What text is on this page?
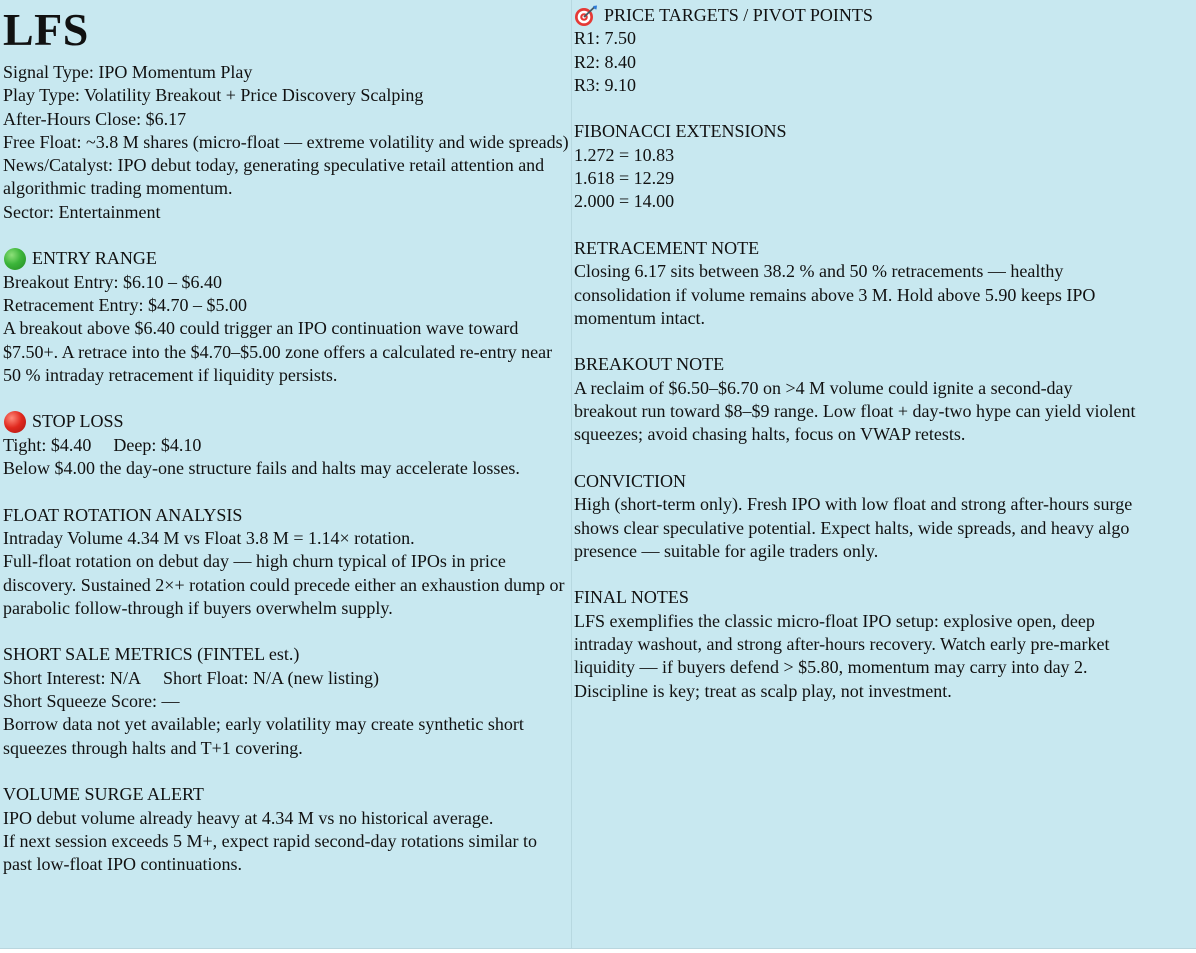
LFS

Signal Type: IPO Momentum Play

Play Type: Volatility Breakout + Price Discovery Scalping

After-Hours Close: $6.17

Free Float: ~3.8 M shares (micro-float — extreme volatility and wide spreads)

News/Catalyst: IPO debut today, generating speculative retail attention and algorithmic trading momentum.

Sector: Entertainment

ENTRY RANGE

Breakout Entry: $6.10 – $6.40

Retracement Entry: $4.70 – $5.00

A breakout above $6.40 could trigger an IPO continuation wave toward $7.50+. A retrace into the $4.70–$5.00 zone offers a calculated re-entry near 50 % intraday retracement if liquidity persists.

STOP LOSS

Tight: $4.40 Deep: $4.10

Below $4.00 the day-one structure fails and halts may accelerate losses.

FLOAT ROTATION ANALYSIS

Intraday Volume 4.34 M vs Float 3.8 M = 1.14× rotation.

Full-float rotation on debut day — high churn typical of IPOs in price discovery. Sustained 2×+ rotation could precede either an exhaustion dump or parabolic follow-through if buyers overwhelm supply.

SHORT SALE METRICS (FINTEL est.)

Short Interest: N/A Short Float: N/A (new listing)

Short Squeeze Score: —

Borrow data not yet available; early volatility may create synthetic short squeezes through halts and T+1 covering.

VOLUME SURGE ALERT

IPO debut volume already heavy at 4.34 M vs no historical average.

If next session exceeds 5 M+, expect rapid second-day rotations similar to past low-float IPO continuations.

PRICE TARGETS / PIVOT POINTS

R1: 7.50

R2: 8.40

R3: 9.10

FIBONACCI EXTENSIONS

1.272 = 10.83

1.618 = 12.29

2.000 = 14.00

RETRACEMENT NOTE

Closing 6.17 sits between 38.2 % and 50 % retracements — healthy

consolidation if volume remains above 3 M. Hold above 5.90 keeps IPO

momentum intact.

BREAKOUT NOTE

A reclaim of $6.50–$6.70 on >4 M volume could ignite a second-day

breakout run toward $8–$9 range. Low float + day-two hype can yield violent

squeezes; avoid chasing halts, focus on VWAP retests.

CONVICTION

High (short-term only). Fresh IPO with low float and strong after-hours surge

shows clear speculative potential. Expect halts, wide spreads, and heavy algo

presence — suitable for agile traders only.

FINAL NOTES

LFS exemplifies the classic micro-float IPO setup: explosive open, deep

intraday washout, and strong after-hours recovery. Watch early pre-market

liquidity — if buyers defend > $5.80, momentum may carry into day 2.

Discipline is key; treat as scalp play, not investment.
